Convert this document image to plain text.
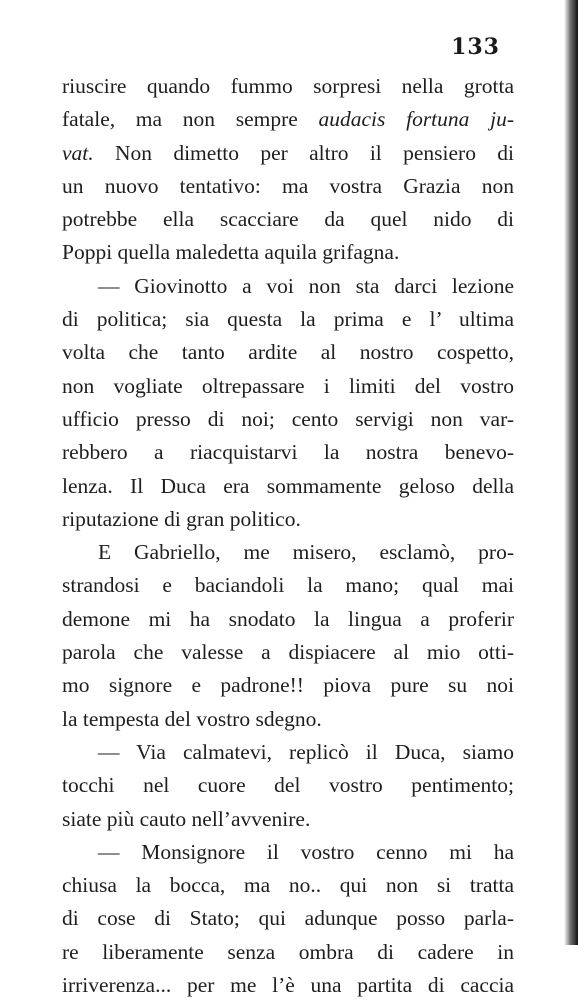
133
riuscire quando fummo sorpresi nella grotta
fatale, ma non sempre audacis fortuna ju-
vat. Non dimetto per altro il pensiero di
un nuovo tentativo: ma vostra Grazia non
potrebbe ella scacciare da quel nido di
Poppi quella maledetta aquila grifagna.
— Giovinotto a voi non sta darci lezione
di politica; sia questa la prima e l’ ultima
volta che tanto ardite al nostro cospetto,
non vogliate oltrepassare i limiti del vostro
ufficio presso di noi; cento servigi non var-
rebbero a riacquistarvi la nostra benevo-
lenza. Il Duca era sommamente geloso della
riputazione di gran politico.
E Gabriello, me misero, esclamò, pro-
strandosi e baciandoli la mano; qual mai
demone mi ha snodato la lingua a proferir
parola che valesse a dispiacere al mio otti-
mo signore e padrone!! piova pure su noi
la tempesta del vostro sdegno.
— Via calmatevi, replicò il Duca, siamo
tocchi nel cuore del vostro pentimento;
siate più cauto nell’avvenire.
— Monsignore il vostro cenno mi ha
chiusa la bocca, ma no.. qui non si tratta
di cose di Stato; qui adunque posso parla-
re liberamente senza ombra di cadere in
irriverenza... per me l’è una partita di caccia
